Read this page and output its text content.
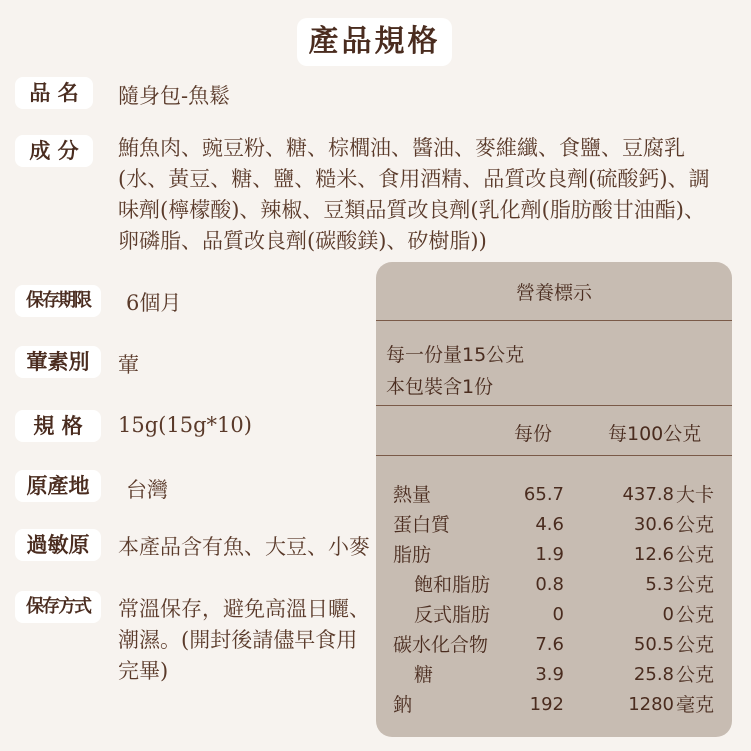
產品規格
品 名	隨身包-魚鬆
成 分	鮪魚肉、豌豆粉、糖、棕櫚油、醬油、麥維纖、食鹽、豆腐乳(水、黃豆、糖、鹽、糙米、食用酒精、品質改良劑(硫酸鈣)、調味劑(檸檬酸)、辣椒、豆類品質改良劑(乳化劑(脂肪酸甘油酯)、卵磷脂、品質改良劑(碳酸鎂)、矽樹脂))
保存期限	6個月
葷素別	葷
規 格	15g(15g*10)
原產地	台灣
過敏原	本產品含有魚、大豆、小麥
保存方式	常溫保存，避免高溫日曬、潮濕。(開封後請儘早食用完畢)
營養標示
每一份量15公克
本包裝含1份
每份	每100公克
熱量	65.7	437.8 大卡
蛋白質	4.6	30.6 公克
脂肪	1.9	12.6 公克
飽和脂肪	0.8	5.3 公克
反式脂肪	0	0 公克
碳水化合物	7.6	50.5 公克
糖	3.9	25.8 公克
鈉	192	1280 毫克
